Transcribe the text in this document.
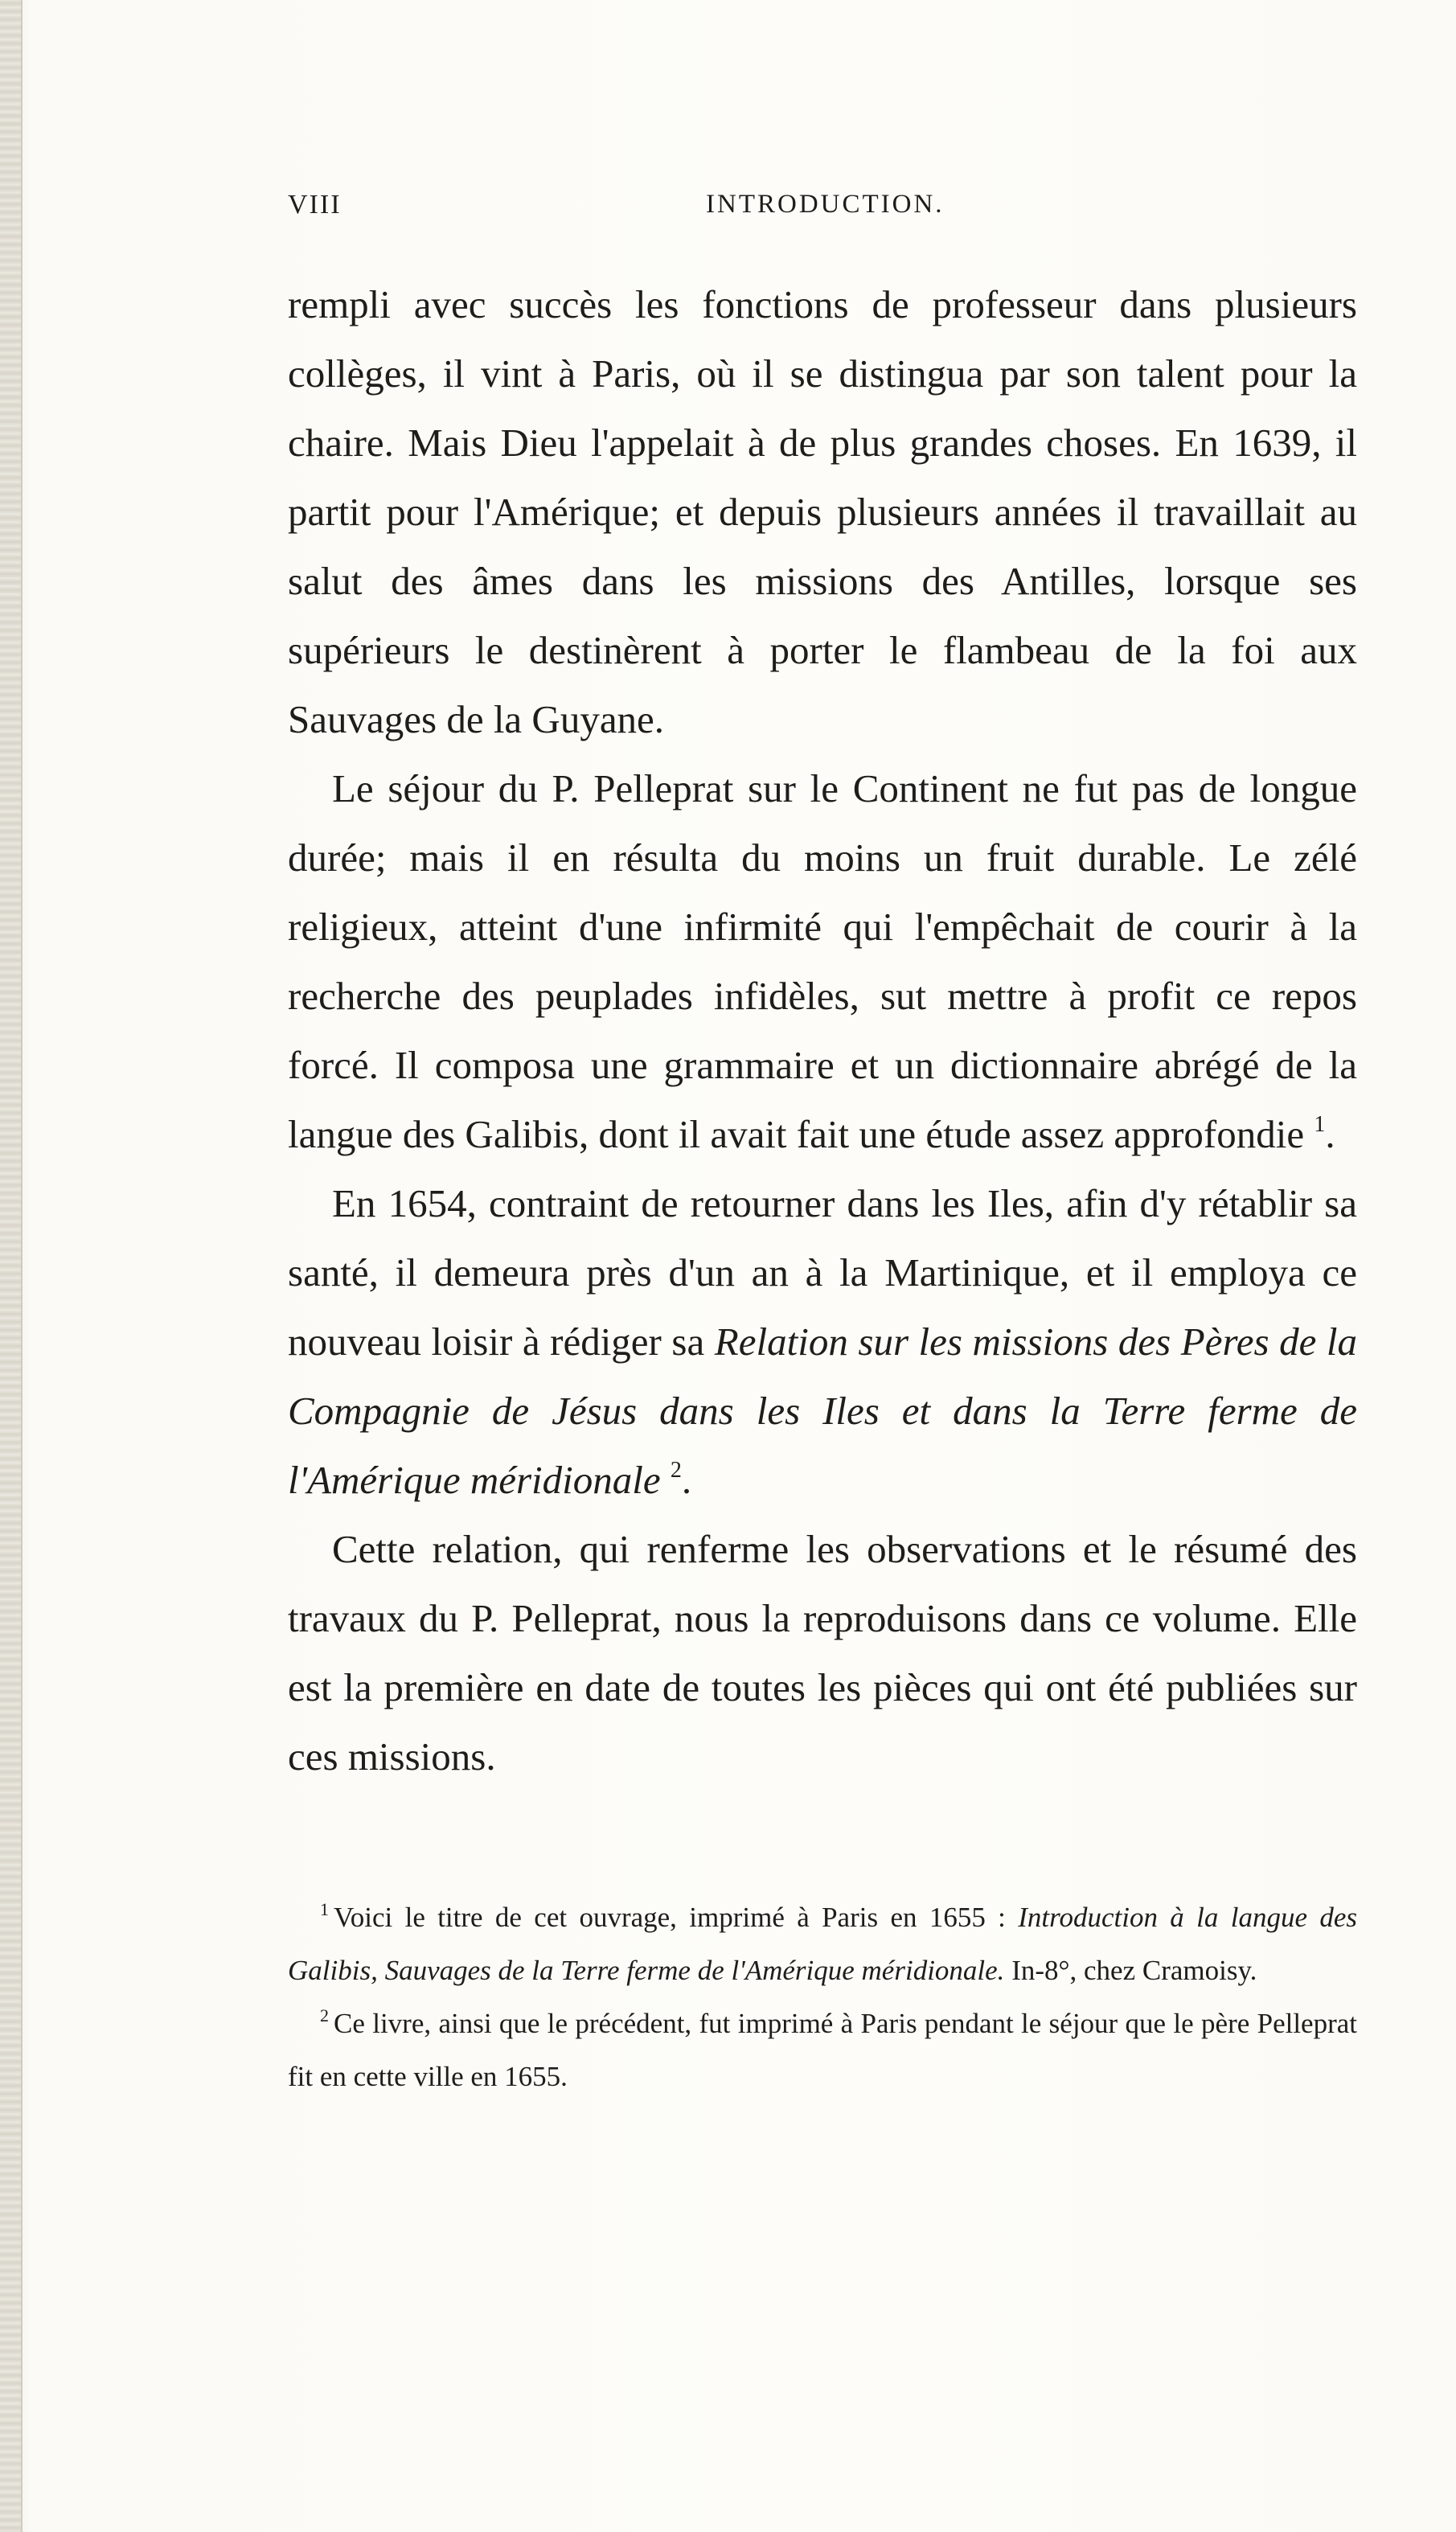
VIII	INTRODUCTION.

rempli avec succès les fonctions de professeur dans plusieurs collèges, il vint à Paris, où il se distingua par son talent pour la chaire. Mais Dieu l'appelait à de plus grandes choses. En 1639, il partit pour l'Amérique; et depuis plusieurs années il travaillait au salut des âmes dans les missions des Antilles, lorsque ses supérieurs le destinèrent à porter le flambeau de la foi aux Sauvages de la Guyane.

Le séjour du P. Pelleprat sur le Continent ne fut pas de longue durée; mais il en résulta du moins un fruit durable. Le zélé religieux, atteint d'une infirmité qui l'empêchait de courir à la recherche des peuplades infidèles, sut mettre à profit ce repos forcé. Il composa une grammaire et un dictionnaire abrégé de la langue des Galibis, dont il avait fait une étude assez approfondie $^1$.

En 1654, contraint de retourner dans les Iles, afin d'y rétablir sa santé, il demeura près d'un an à la Martinique, et il employa ce nouveau loisir à rédiger sa Relation sur les missions des Pères de la Compagnie de Jésus dans les Iles et dans la Terre ferme de l'Amérique méridionale $^2$.

Cette relation, qui renferme les observations et le résumé des travaux du P. Pelleprat, nous la reproduisons dans ce volume. Elle est la première en date de toutes les pièces qui ont été publiées sur ces missions.

$^1$ Voici le titre de cet ouvrage, imprimé à Paris en 1655 : Introduction à la langue des Galibis, Sauvages de la Terre ferme de l'Amérique méridionale. In-8°, chez Cramoisy.

$^2$ Ce livre, ainsi que le précédent, fut imprimé à Paris pendant le séjour que le père Pelleprat fit en cette ville en 1655.
